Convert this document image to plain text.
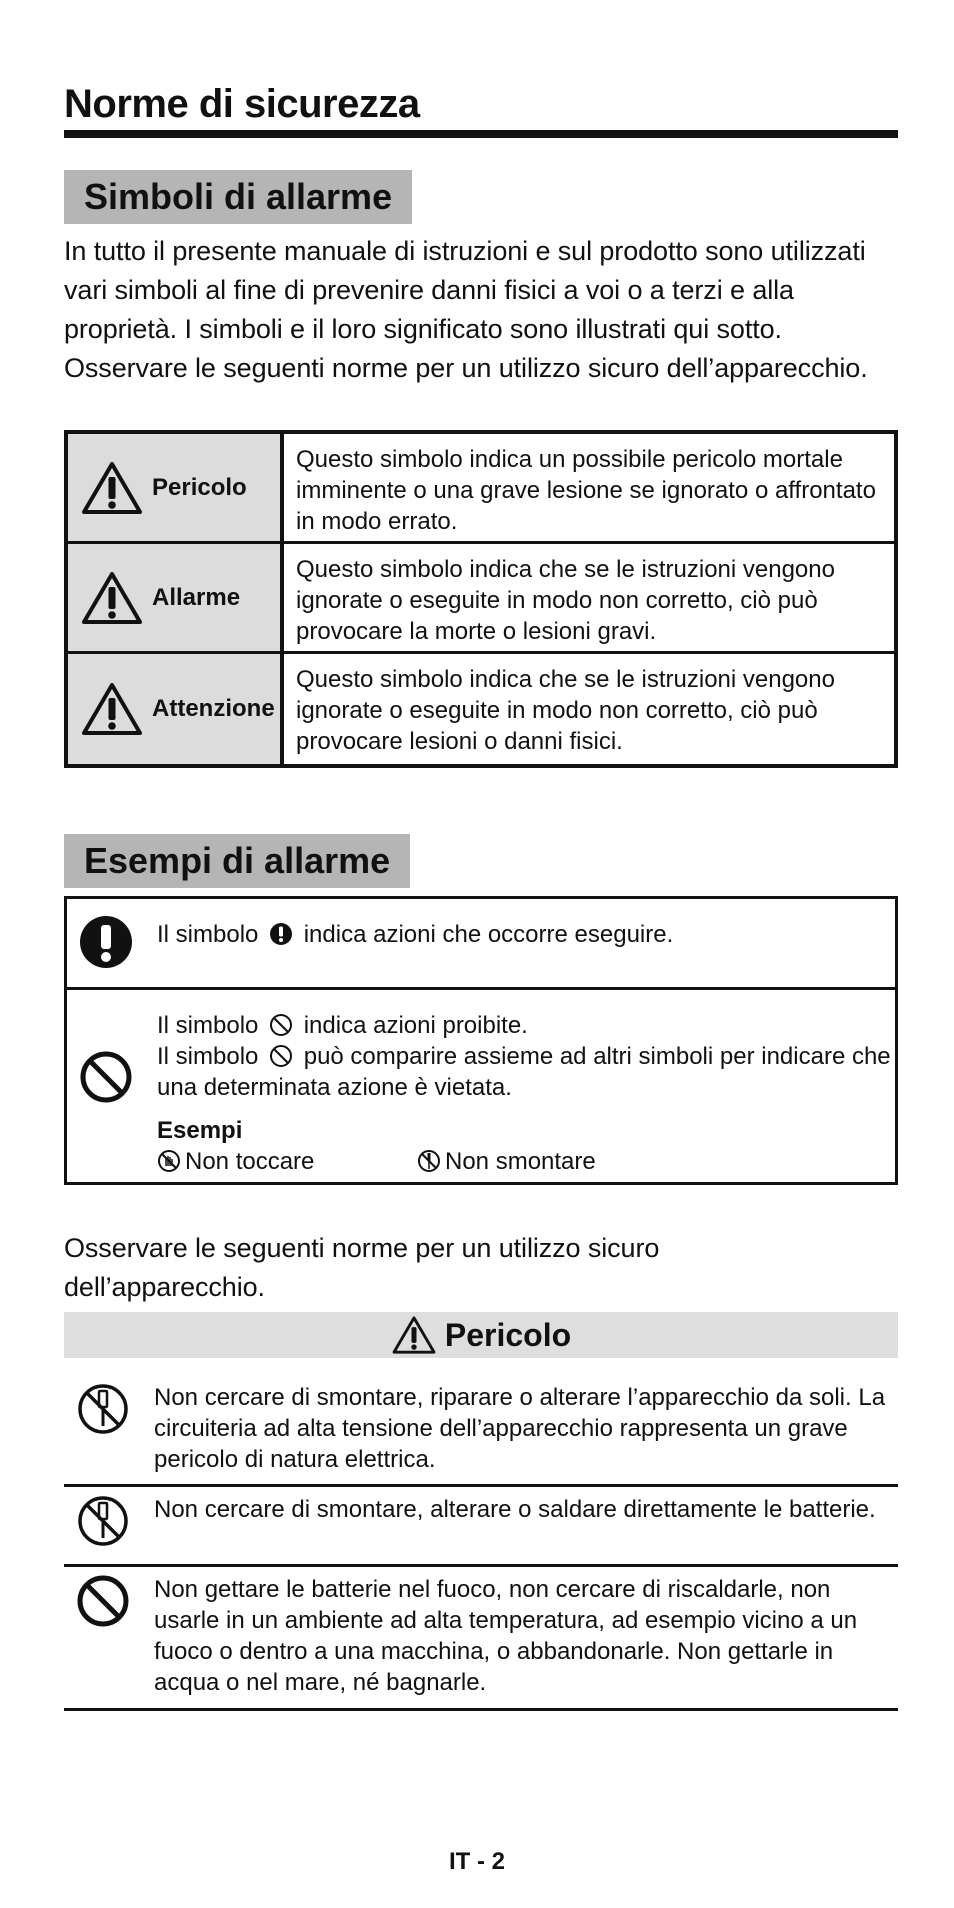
Norme di sicurezza
Simboli di allarme
In tutto il presente manuale di istruzioni e sul prodotto sono utilizzati vari simboli al fine di prevenire danni fisici a voi o a terzi e alla proprietà. I simboli e il loro significato sono illustrati qui sotto. Osservare le seguenti norme per un utilizzo sicuro dell’apparecchio.
Pericolo
Questo simbolo indica un possibile pericolo mortale imminente o una grave lesione se ignorato o affrontato in modo errato.
Allarme
Questo simbolo indica che se le istruzioni vengono ignorate o eseguite in modo non corretto, ciò può provocare la morte o lesioni gravi.
Attenzione
Questo simbolo indica che se le istruzioni vengono ignorate o eseguite in modo non corretto, ciò può provocare lesioni o danni fisici.
Esempi di allarme
Il simbolo indica azioni che occorre eseguire.
Il simbolo indica azioni proibite.
Il simbolo può comparire assieme ad altri simboli per indicare che una determinata azione è vietata.
Esempi
Non toccare	Non smontare
Osservare le seguenti norme per un utilizzo sicuro dell’apparecchio.
Pericolo
Non cercare di smontare, riparare o alterare l’apparecchio da soli. La circuiteria ad alta tensione dell’apparecchio rappresenta un grave pericolo di natura elettrica.
Non cercare di smontare, alterare o saldare direttamente le batterie.
Non gettare le batterie nel fuoco, non cercare di riscaldarle, non usarle in un ambiente ad alta temperatura, ad esempio vicino a un fuoco o dentro a una macchina, o abbandonarle. Non gettarle in acqua o nel mare, né bagnarle.
IT - 2
